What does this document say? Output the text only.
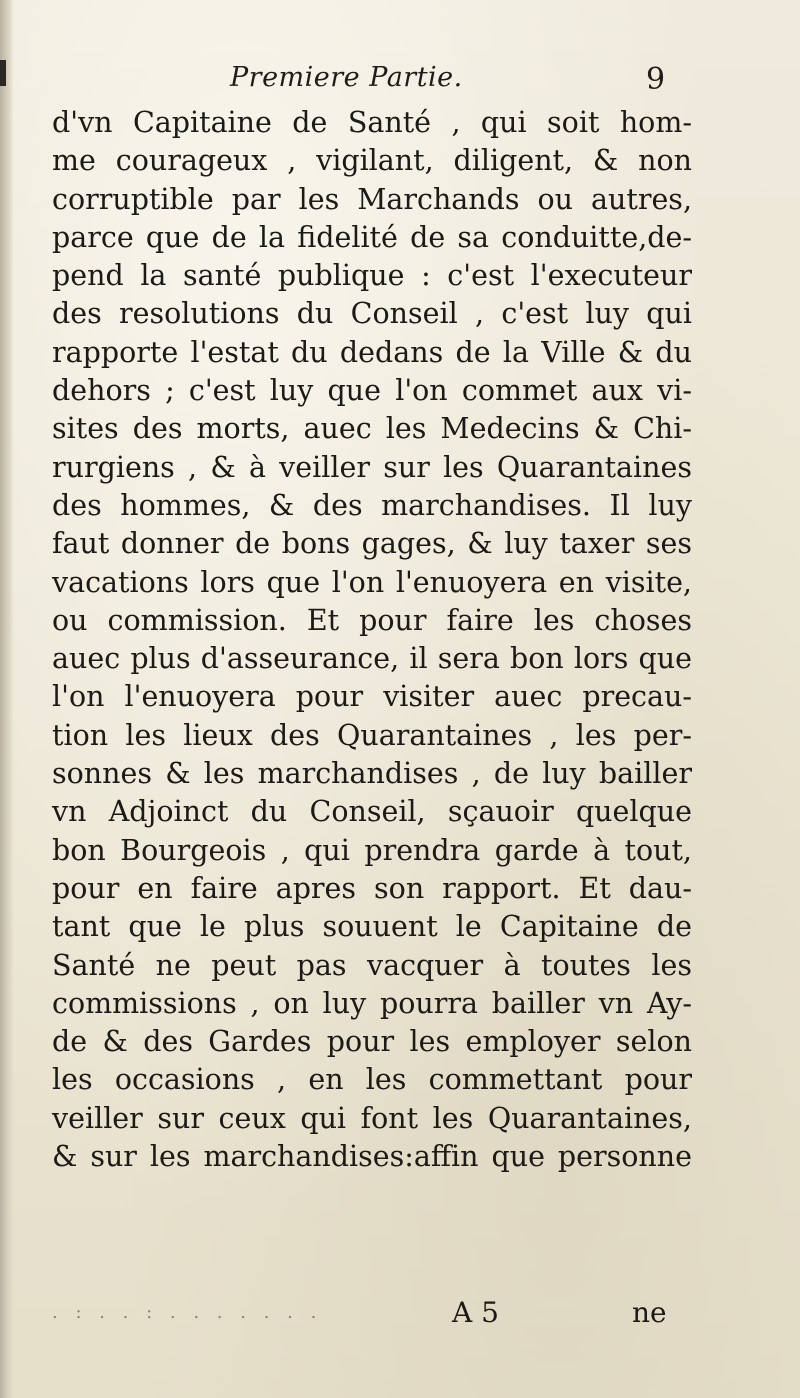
Premiere Partie.	9
d'vn Capitaine de Santé , qui soit hom-
me courageux , vigilant, diligent, & non
corruptible par les Marchands ou autres,
parce que de la fidelité de sa conduitte,de-
pend la santé publique : c'est l'executeur
des resolutions du Conseil , c'est luy qui
rapporte l'estat du dedans de la Ville & du
dehors ; c'est luy que l'on commet aux vi-
sites des morts, auec les Medecins & Chi-
rurgiens , & à veiller sur les Quarantaines
des hommes, & des marchandises. Il luy
faut donner de bons gages, & luy taxer ses
vacations lors que l'on l'enuoyera en visite,
ou commission. Et pour faire les choses
auec plus d'asseurance, il sera bon lors que
l'on l'enuoyera pour visiter auec precau-
tion les lieux des Quarantaines , les per-
sonnes & les marchandises , de luy bailler
vn Adjoinct du Conseil, sçauoir quelque
bon Bourgeois , qui prendra garde à tout,
pour en faire apres son rapport. Et dau-
tant que le plus souuent le Capitaine de
Santé ne peut pas vacquer à toutes les
commissions , on luy pourra bailler vn Ay-
de & des Gardes pour les employer selon
les occasions , en les commettant pour
veiller sur ceux qui font les Quarantaines,
& sur les marchandises:affin que personne
. : . . : . . . . . . .	A 5	ne
